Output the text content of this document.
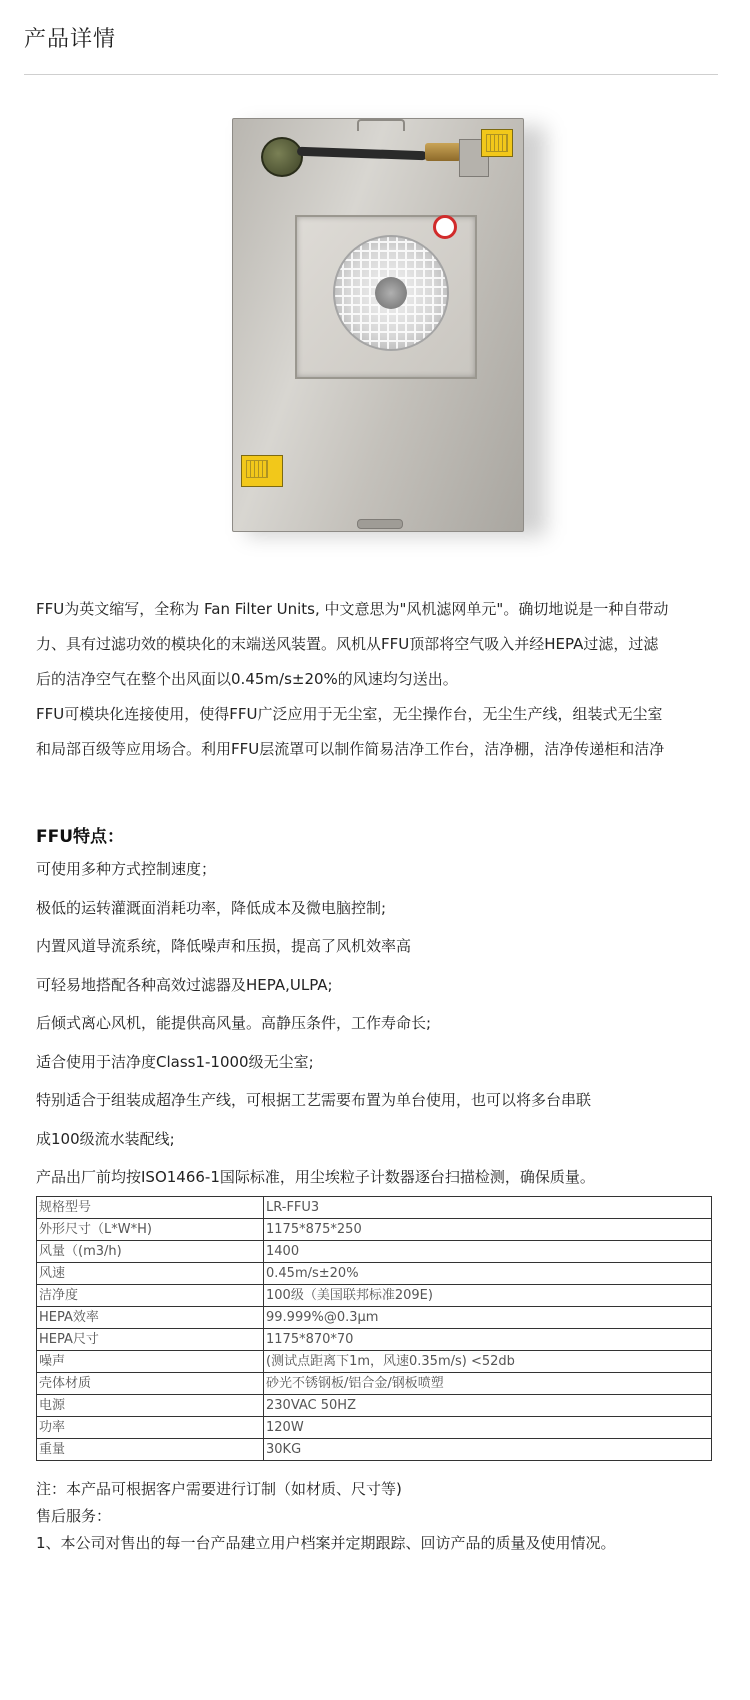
产品详情

FFU为英文缩写，全称为 Fan Filter Units, 中文意思为"风机滤网单元"。确切地说是一种自带动

力、具有过滤功效的模块化的末端送风装置。风机从FFU顶部将空气吸入并经HEPA过滤，过滤

后的洁净空气在整个出风面以0.45m/s±20%的风速均匀送出。

FFU可模块化连接使用，使得FFU广泛应用于无尘室，无尘操作台，无尘生产线，组装式无尘室

和局部百级等应用场合。利用FFU层流罩可以制作简易洁净工作台，洁净棚，洁净传递柜和洁净

FFU特点：
可使用多种方式控制速度；
极低的运转灌溉面消耗功率，降低成本及微电脑控制;
内置风道导流系统，降低噪声和压损，提高了风机效率高
可轻易地搭配各种高效过滤器及HEPA,ULPA;
后倾式离心风机，能提供高风量。高静压条件，工作寿命长;
适合使用于洁净度Class1-1000级无尘室;
特别适合于组装成超净生产线，可根据工艺需要布置为单台使用，也可以将多台串联
成100级流水装配线;
产品出厂前均按ISO1466-1国际标准，用尘埃粒子计数器逐台扫描检测，确保质量。
规格型号	LR-FFU3
外形尺寸（L*W*H)	1175*875*250
风量（(m3/h)	1400
风速	0.45m/s±20%
洁净度	100级（美国联邦标准209E)
HEPA效率	99.999%@0.3μm
HEPA尺寸	1175*870*70
噪声	(测试点距离下1m，风速0.35m/s) <52db
壳体材质	砂光不锈钢板/铝合金/钢板喷塑
电源	230VAC 50HZ
功率	120W
重量	30KG
注：本产品可根据客户需要进行订制（如材质、尺寸等)
售后服务：
1、本公司对售出的每一台产品建立用户档案并定期跟踪、回访产品的质量及使用情况。
